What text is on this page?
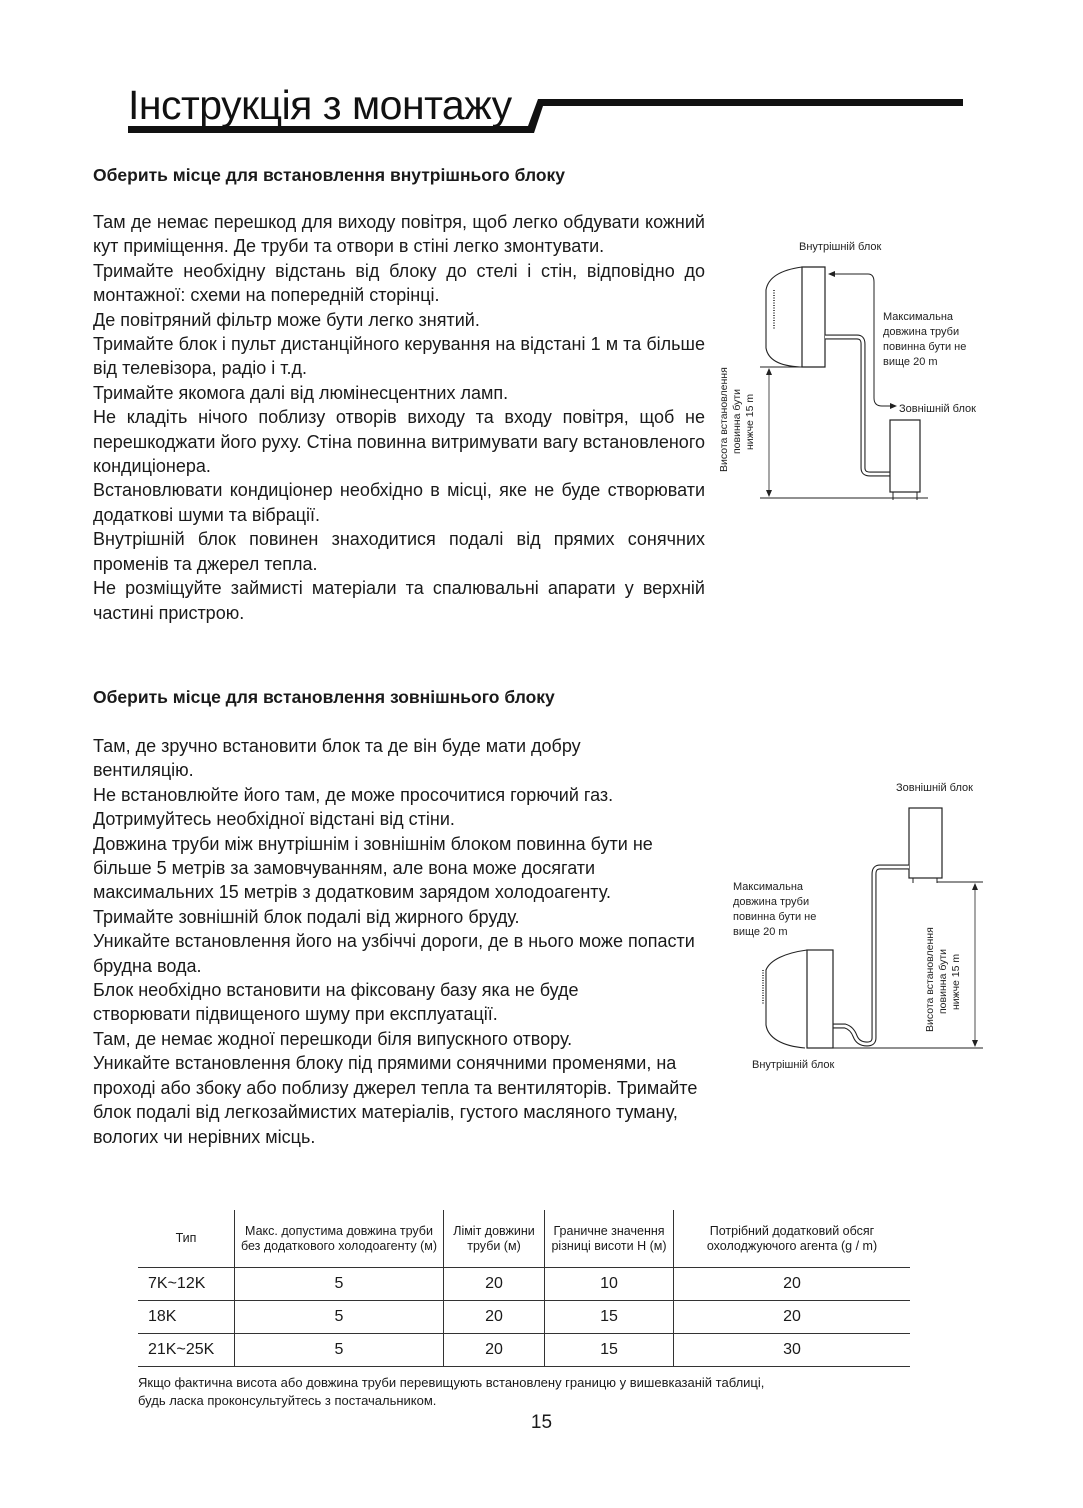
Інструкція з монтажу
Оберить місце для встановлення внутрішнього блоку

Там де немає перешкод для виходу повітря, щоб легко обдувати кожний кут приміщення. Де труби та отвори в стіні легко змонтувати.

Тримайте необхідну відстань від блоку до стелі і стін, відповідно до монтажної: схеми на попередній сторінці.

Де повітряний фільтр може бути легко знятий.

Тримайте блок і пульт дистанційного керування на відстані 1 м та більше від телевізора, радіо і т.д.

Тримайте якомога далі від люмінесцентних ламп.

Не кладіть нічого поблизу отворів виходу та входу повітря, щоб не перешкоджати його руху. Стіна повинна витримувати вагу встановленого кондиціонера.

Встановлювати кондиціонер необхідно в місці, яке не буде створювати додаткові шуми та вібрації.

Внутрішній блок повинен знаходитися подалі від прямих сонячних променів та джерел тепла.

Не розміщуйте займисті матеріали та спалювальні апарати у верхній частині пристрою.

Внутрішній блок
Максимальна довжина труби повинна бути не вище 20 m
Зовнішній блок
Висота встановлення повинна бути нижче 15 m
Оберить місце для встановлення зовнішнього блоку

Там, де зручно встановити блок та де він буде мати добру вентиляцію.

Не встановлюйте його там, де може просочитися горючий газ.

Дотримуйтесь необхідної відстані від стіни.

Довжина труби між внутрішнім і зовнішнім блоком повинна бути не більше 5 метрів за замовчуванням, але вона може досягати максимальних 15 метрів з додатковим зарядом холодоагенту.

Тримайте зовнішній блок подалі від жирного бруду.

Уникайте встановлення його на узбіччі дороги, де в нього може попасти брудна вода.

Блок необхідно встановити на фіксовану базу яка не буде створювати підвищеного шуму при експлуатації.

Там, де немає жодної перешкоди біля випускного отвору.

Уникайте встановлення блоку під прямими сонячними променями, на проході або збоку або поблизу джерел тепла та вентиляторів. Тримайте блок подалі від легкозаймистих матеріалів, густого масляного туману, вологих чи нерівних місць.

Зовнішній блок
Максимальна довжина труби повинна бути не вище 20 m	Висота встановлення повинна бути нижче 15 m
Внутрішній блок
Тип	Макс. допустима довжина труби без додаткового холодоагенту (м)	Ліміт довжини труби (м)	Граничне значення різниці висоти H (м)	Потрібний додатковий обсяг охолоджуючого агента (g / m)
7K~12K	5	20	10	20
18K	5	20	15	20
21K~25K	5	20	15	30
Якщо фактична висота або довжина труби перевищують встановлену границю у вишевказаній таблиці,
будь ласка проконсультуйтесь з постачальником.
15
